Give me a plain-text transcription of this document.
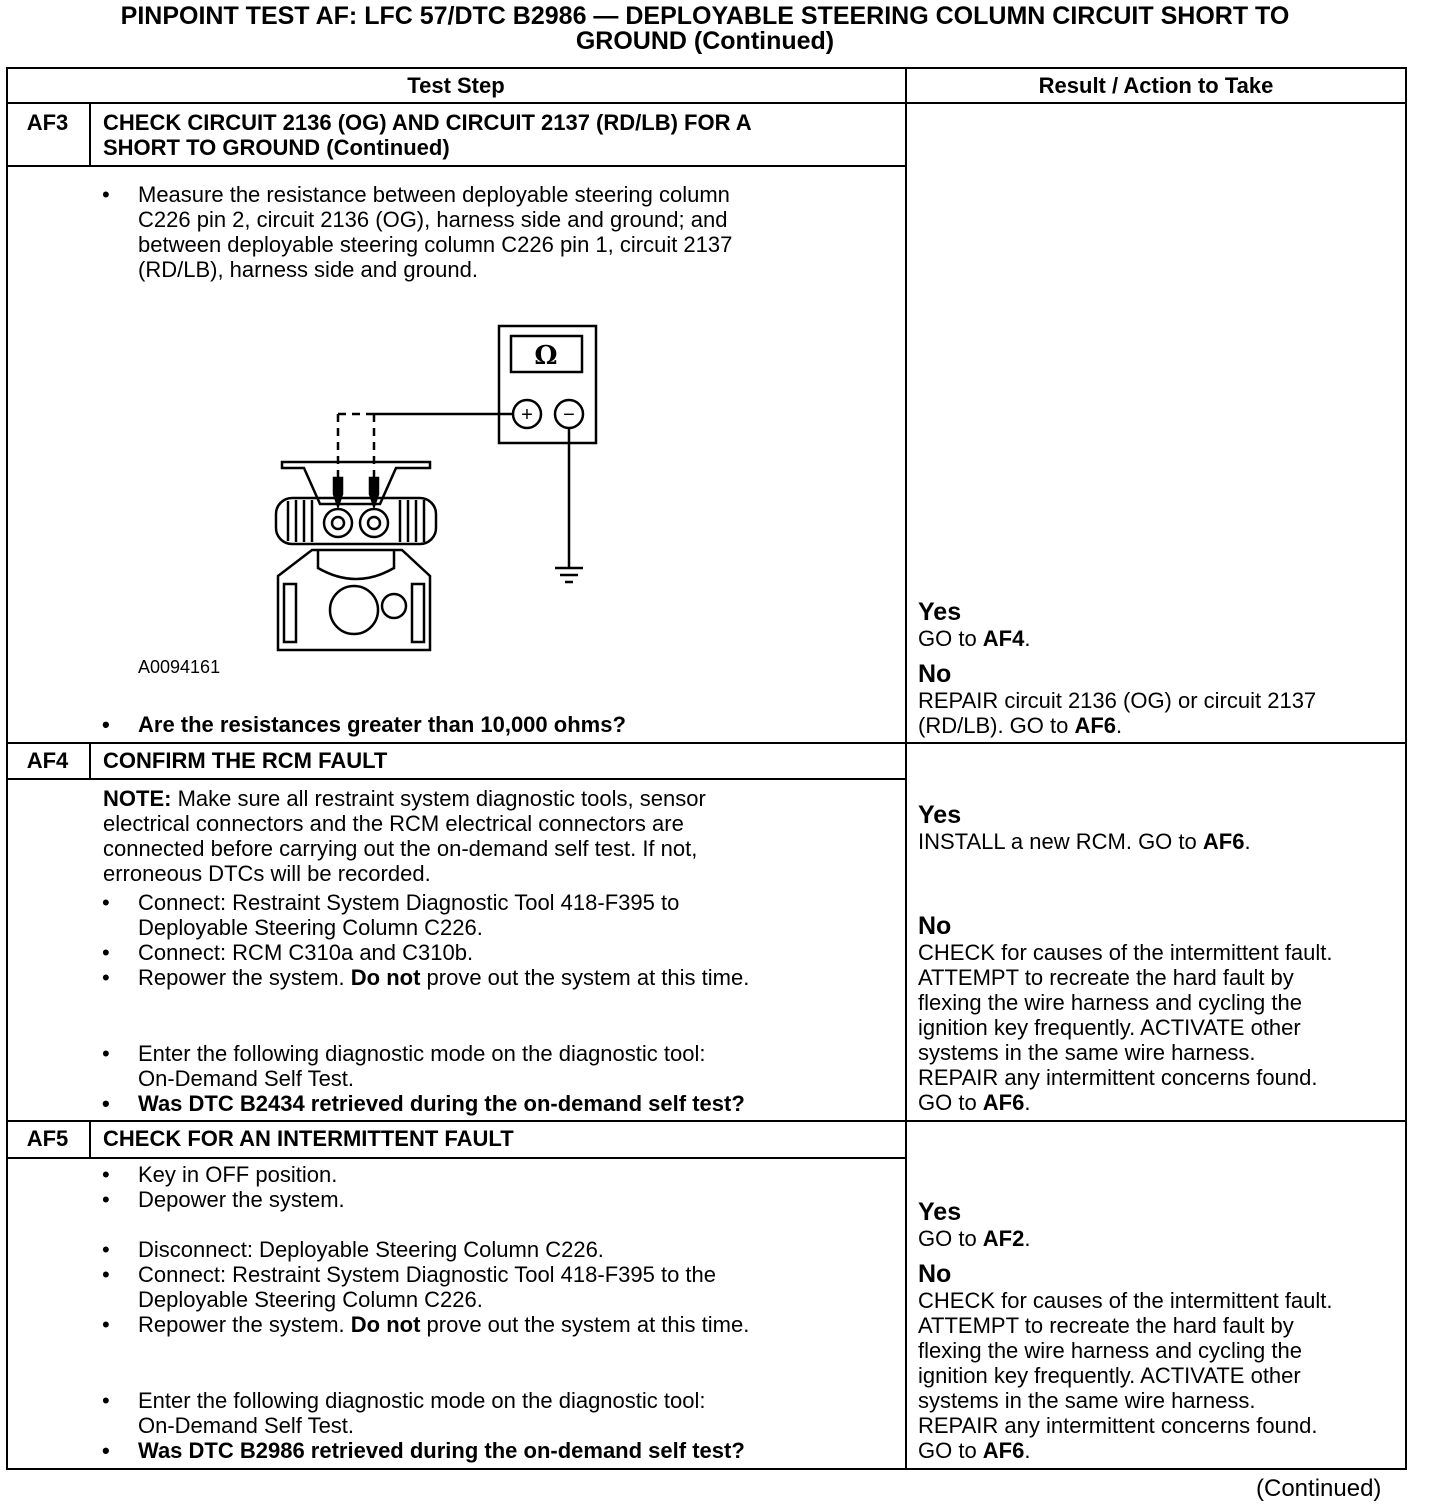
PINPOINT TEST AF: LFC 57/DTC B2986 — DEPLOYABLE STEERING COLUMN CIRCUIT SHORT TO
GROUND (Continued)
Test Step	Result / Action to Take
AF3	CHECK CIRCUIT 2136 (OG) AND CIRCUIT 2137 (RD/LB) FOR A
SHORT TO GROUND (Continued)
• Measure the resistance between deployable steering column
C226 pin 2, circuit 2136 (OG), harness side and ground; and
between deployable steering column C226 pin 1, circuit 2137
(RD/LB), harness side and ground.
Ω
+ −
A0094161
• Are the resistances greater than 10,000 ohms?
Yes
GO to AF4.
No
REPAIR circuit 2136 (OG) or circuit 2137
(RD/LB). GO to AF6.
AF4	CONFIRM THE RCM FAULT
NOTE: Make sure all restraint system diagnostic tools, sensor
electrical connectors and the RCM electrical connectors are
connected before carrying out the on-demand self test. If not,
erroneous DTCs will be recorded.
• Connect: Restraint System Diagnostic Tool 418-F395 to
Deployable Steering Column C226.
• Connect: RCM C310a and C310b.
• Repower the system. Do not prove out the system at this time.
• Enter the following diagnostic mode on the diagnostic tool:
On-Demand Self Test.
• Was DTC B2434 retrieved during the on-demand self test?
Yes
INSTALL a new RCM. GO to AF6.
No
CHECK for causes of the intermittent fault.
ATTEMPT to recreate the hard fault by
flexing the wire harness and cycling the
ignition key frequently. ACTIVATE other
systems in the same wire harness.
REPAIR any intermittent concerns found.
GO to AF6.
AF5	CHECK FOR AN INTERMITTENT FAULT
• Key in OFF position.
• Depower the system.
• Disconnect: Deployable Steering Column C226.
• Connect: Restraint System Diagnostic Tool 418-F395 to the
Deployable Steering Column C226.
• Repower the system. Do not prove out the system at this time.
• Enter the following diagnostic mode on the diagnostic tool:
On-Demand Self Test.
• Was DTC B2986 retrieved during the on-demand self test?
Yes
GO to AF2.
No
CHECK for causes of the intermittent fault.
ATTEMPT to recreate the hard fault by
flexing the wire harness and cycling the
ignition key frequently. ACTIVATE other
systems in the same wire harness.
REPAIR any intermittent concerns found.
GO to AF6.
(Continued)
